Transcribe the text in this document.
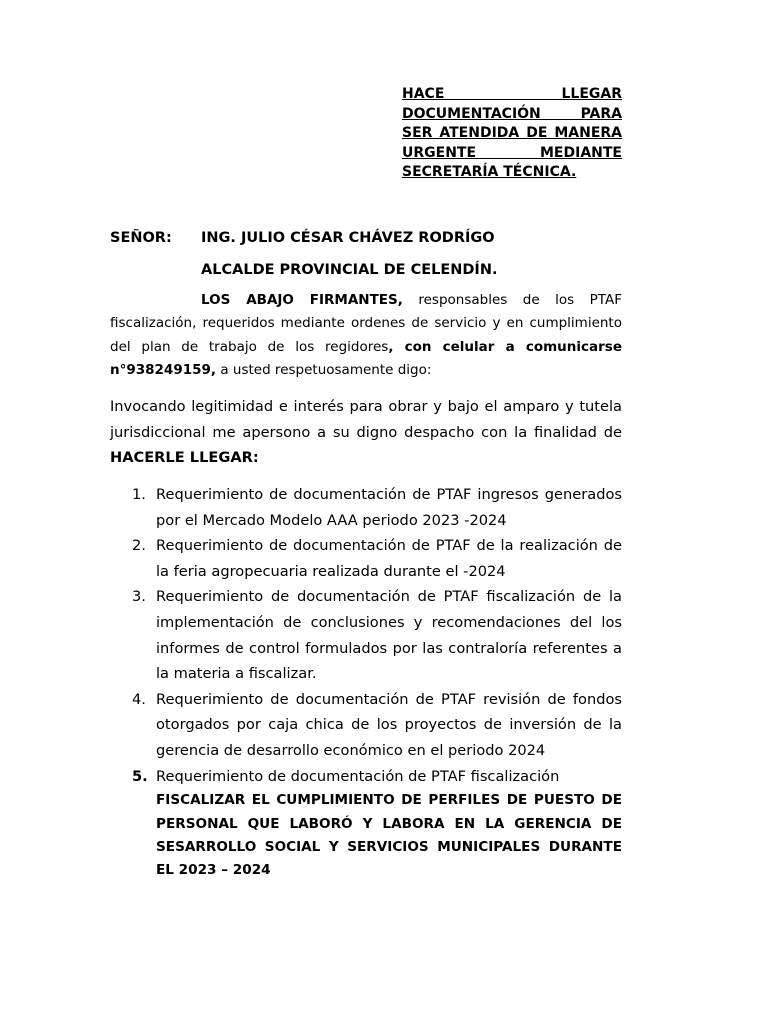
HACE LLEGAR DOCUMENTACIÓN PARA SER ATENDIDA DE MANERA URGENTE MEDIANTE SECRETARÍA TÉCNICA.
SEÑOR: ING. JULIO CÉSAR CHÁVEZ RODRÍGO
ALCALDE PROVINCIAL DE CELENDÍN.

LOS ABAJO FIRMANTES, responsables de los PTAF fiscalización, requeridos mediante ordenes de servicio y en cumplimiento del plan de trabajo de los regidores, con celular a comunicarse n°938249159, a usted respetuosamente digo:

Invocando legitimidad e interés para obrar y bajo el amparo y tutela jurisdiccional me apersono a su digno despacho con la finalidad de HACERLE LLEGAR:

1. Requerimiento de documentación de PTAF ingresos generados por el Mercado Modelo AAA periodo 2023 -2024
2. Requerimiento de documentación de PTAF de la realización de la feria agropecuaria realizada durante el -2024
3. Requerimiento de documentación de PTAF fiscalización de la implementación de conclusiones y recomendaciones del los informes de control formulados por las contraloría referentes a la materia a fiscalizar.
4. Requerimiento de documentación de PTAF revisión de fondos otorgados por caja chica de los proyectos de inversión de la gerencia de desarrollo económico en el periodo 2024
5. Requerimiento de documentación de PTAF fiscalización
FISCALIZAR EL CUMPLIMIENTO DE PERFILES DE PUESTO DE PERSONAL QUE LABORÓ Y LABORA EN LA GERENCIA DE SESARROLLO SOCIAL Y SERVICIOS MUNICIPALES DURANTE EL 2023 – 2024
